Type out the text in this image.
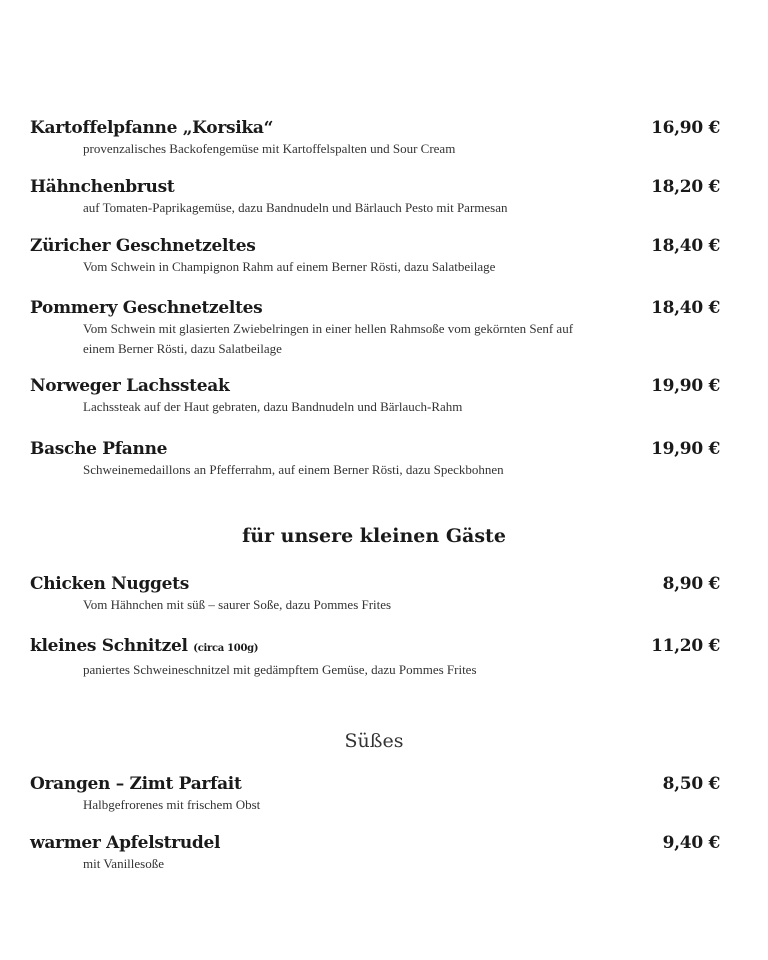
Kartoffelpfanne „Korsika“	16,90 €
provenzalisches Backofengemüse mit Kartoffelspalten und Sour Cream
Hähnchenbrust	18,20 €
auf Tomaten-Paprikagemüse, dazu Bandnudeln und Bärlauch Pesto mit Parmesan
Züricher Geschnetzeltes	18,40 €
Vom Schwein in Champignon Rahm auf einem Berner Rösti, dazu Salatbeilage
Pommery Geschnetzeltes	18,40 €
Vom Schwein mit glasierten Zwiebelringen in einer hellen Rahmsoße vom gekörnten Senf auf einem Berner Rösti, dazu Salatbeilage
Norweger Lachssteak	19,90 €
Lachssteak auf der Haut gebraten, dazu Bandnudeln und Bärlauch-Rahm
Basche Pfanne	19,90 €
Schweinemedaillons an Pfefferrahm, auf einem Berner Rösti, dazu Speckbohnen
für unsere kleinen Gäste
Chicken Nuggets	8,90 €
Vom Hähnchen mit süß – saurer Soße, dazu Pommes Frites
kleines Schnitzel (circa 100g)	11,20 €
paniertes Schweineschnitzel mit gedämpftem Gemüse, dazu Pommes Frites
Süßes
Orangen – Zimt Parfait	8,50 €
Halbgefrorenes mit frischem Obst
warmer Apfelstrudel	9,40 €
mit Vanillesoße
